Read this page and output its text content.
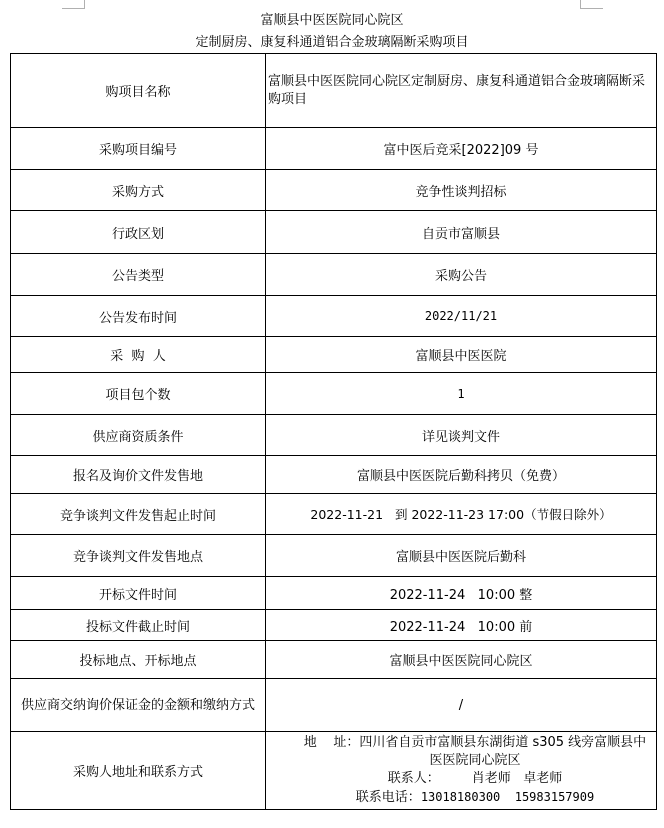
富顺县中医医院同心院区
定制厨房、康复科通道铝合金玻璃隔断采购项目
购项目名称	富顺县中医医院同心院区定制厨房、康复科通道铝合金玻璃隔断采购项目
采购项目编号	富中医后竞采[2022]09 号
采购方式	竞争性谈判招标
行政区划	自贡市富顺县
公告类型	采购公告
公告发布时间	2022/11/21
采  购  人	富顺县中医医院
项目包个数	1
供应商资质条件	详见谈判文件
报名及询价文件发售地	富顺县中医医院后勤科拷贝（免费）
竞争谈判文件发售起止时间	2022-11-21   到 2022-11-23 17:00（节假日除外）
竞争谈判文件发售地点	富顺县中医医院后勤科
开标文件时间	2022-11-24   10:00 整
投标文件截止时间	2022-11-24   10:00 前
投标地点、开标地点	富顺县中医医院同心院区
供应商交纳询价保证金的金额和缴纳方式	/
采购人地址和联系方式	地    址：四川省自贡市富顺县东湖街道 s305 线旁富顺县中医医院同心院区
联系人： 肖老师   卓老师
联系电话：13018180300  15983157909
